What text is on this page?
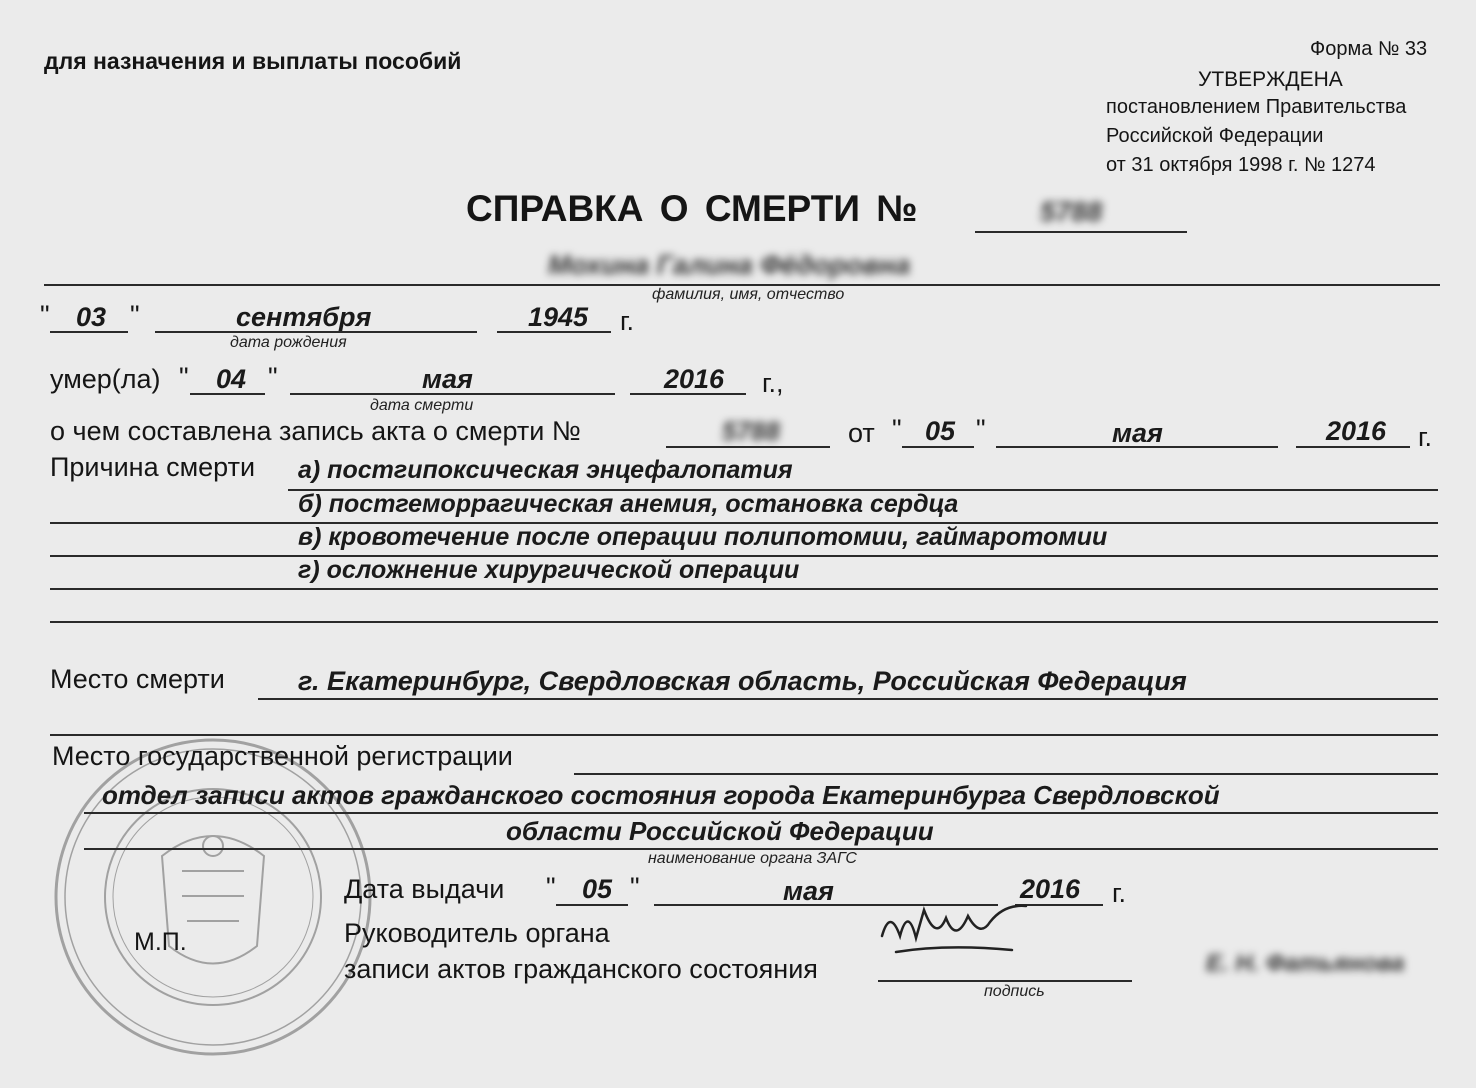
для назначения и выплаты пособий	Форма № 33
УТВЕРЖДЕНА
постановлением Правительства
Российской Федерации
от 31 октября 1998 г. № 1274
СПРАВКА О СМЕРТИ №	5788
Мохина Галина Фёдоровна
фамилия, имя, отчество
" 03 "	сентября
дата рождения
1945 г.
умер(ла) " 04 "	мая
дата смерти
2016 г.,
о чем составлена запись акта о смерти №	5788	от " 05 "	мая	2016 г.
Причина смерти а) постгипоксическая энцефалопатия
б) постгеморрагическая анемия, остановка сердца
в) кровотечение после операции полипотомии, гаймаротомии
г) осложнение хирургической операции
Место смерти	г. Екатеринбург, Свердловская область, Российская Федерация
Место государственной регистрации
отдел записи актов гражданского состояния города Екатеринбурга Свердловской
области Российской Федерации
наименование органа ЗАГС
Дата выдачи " 05 "	мая	2016 г.
М.П.	Руководитель органа
записи актов гражданского состояния
подпись
Е. Н. Фатьянова
